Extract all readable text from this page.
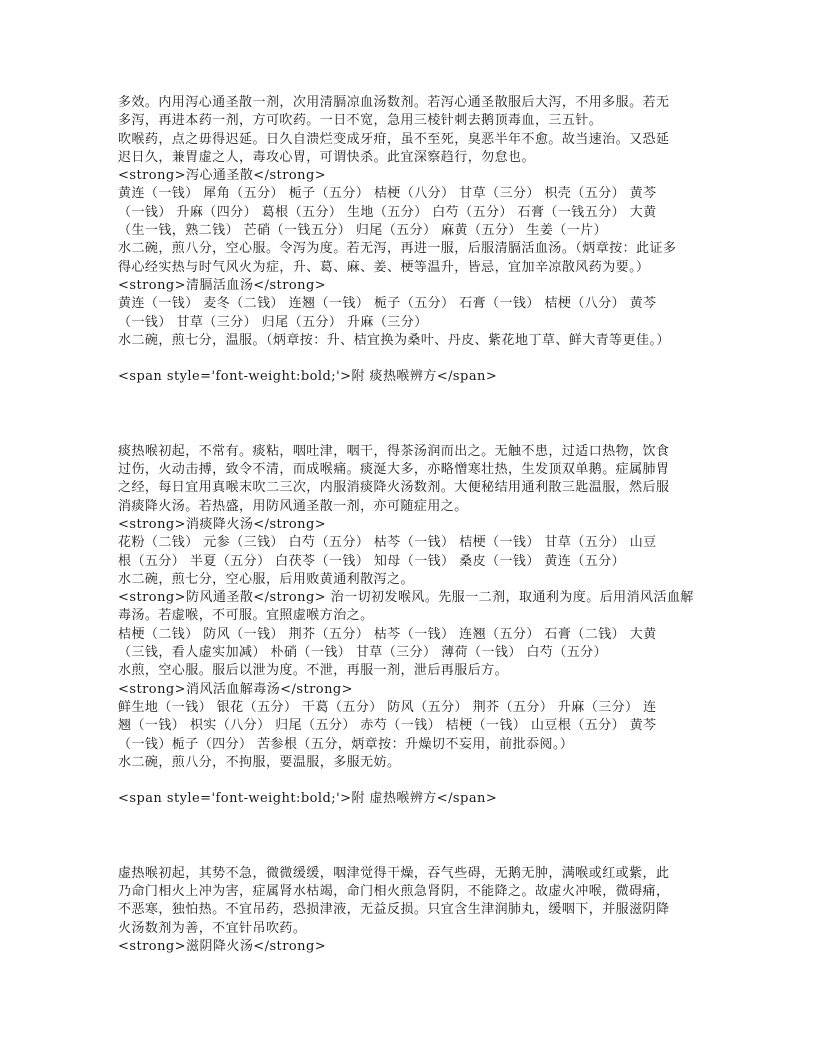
多效。内用泻心通圣散一剂，次用清膈凉血汤数剂。若泻心通圣散服后大泻，不用多服。若无
多泻，再进本药一剂，方可吹药。一日不宽，急用三棱针刺去鹅顶毒血，三五针。
吹喉药，点之毋得迟延。日久自溃烂变成牙疳，虽不至死，臭恶半年不愈。故当速治。又恐延
迟日久，兼胃虚之人，毒攻心胃，可谓快杀。此宜深察趋行，勿怠也。
<strong>泻心通圣散</strong>
黄连（一钱） 犀角（五分） 栀子（五分） 桔梗（八分） 甘草（三分） 枳壳（五分） 黄芩
（一钱） 升麻（四分） 葛根（五分） 生地（五分） 白芍（五分） 石膏（一钱五分） 大黄
（生一钱，熟二钱） 芒硝（一钱五分） 归尾（五分） 麻黄（五分） 生姜（一片）
水二碗，煎八分，空心服。令泻为度。若无泻，再进一服，后服清膈活血汤。（炳章按：此证多
得心经实热与时气风火为症，升、葛、麻、姜、梗等温升，皆忌，宜加辛凉散风药为要。）
<strong>清膈活血汤</strong>
黄连（一钱） 麦冬（二钱） 连翘（一钱） 栀子（五分） 石膏（一钱） 桔梗（八分） 黄芩
（一钱） 甘草（三分） 归尾（五分） 升麻（三分）
水二碗，煎七分，温服。（炳章按：升、桔宜换为桑叶、丹皮、紫花地丁草、鲜大青等更佳。）
<span style='font-weight:bold;'>附 痰热喉辨方</span>
痰热喉初起，不常有。痰粘，咽吐津，咽干，得茶汤润而出之。无触不患，过适口热物，饮食
过伤，火动击搏，致令不清，而成喉痛。痰涎大多，亦略憎寒壮热，生发顶双单鹅。症属肺胃
之经，每日宜用真喉末吹二三次，内服消痰降火汤数剂。大便秘结用通利散三匙温服，然后服
消痰降火汤。若热盛，用防风通圣散一剂，亦可随症用之。
<strong>消痰降火汤</strong>
花粉（二钱） 元参（三钱） 白芍（五分） 枯芩（一钱） 桔梗（一钱） 甘草（五分） 山豆
根（五分） 半夏（五分） 白茯苓（一钱） 知母（一钱） 桑皮（一钱） 黄连（五分）
水二碗，煎七分，空心服，后用败黄通利散泻之。
<strong>防风通圣散</strong> 治一切初发喉风。先服一二剂，取通利为度。后用消风活血解
毒汤。若虚喉，不可服。宜照虚喉方治之。
桔梗（二钱） 防风（一钱） 荆芥（五分） 枯芩（一钱） 连翘（五分） 石膏（二钱） 大黄
（三钱，看人虚实加减） 朴硝（一钱） 甘草（三分） 薄荷（一钱） 白芍（五分）
水煎，空心服。服后以泄为度。不泄，再服一剂，泄后再服后方。
<strong>消风活血解毒汤</strong>
鲜生地（一钱） 银花（五分） 干葛（五分） 防风（五分） 荆芥（五分） 升麻（三分） 连
翘（一钱） 枳实（八分） 归尾（五分） 赤芍（一钱） 桔梗（一钱） 山豆根（五分） 黄芩
（一钱）栀子（四分） 苦参根（五分，炳章按：升燥切不妄用，前批忝阅。）
水二碗，煎八分，不拘服，要温服，多服无妨。
<span style='font-weight:bold;'>附 虚热喉辨方</span>
虚热喉初起，其势不急，微微缓缓，咽津觉得干燥，吞气些碍，无鹅无肿，满喉或红或紫，此
乃命门相火上冲为害，症属肾水枯竭，命门相火煎急肾阴，不能降之。故虚火冲喉，微碍痛，
不恶寒，独怕热。不宜吊药，恐损津液，无益反损。只宜含生津润肺丸，缓咽下，并服滋阴降
火汤数剂为善，不宜针吊吹药。
<strong>滋阴降火汤</strong>
